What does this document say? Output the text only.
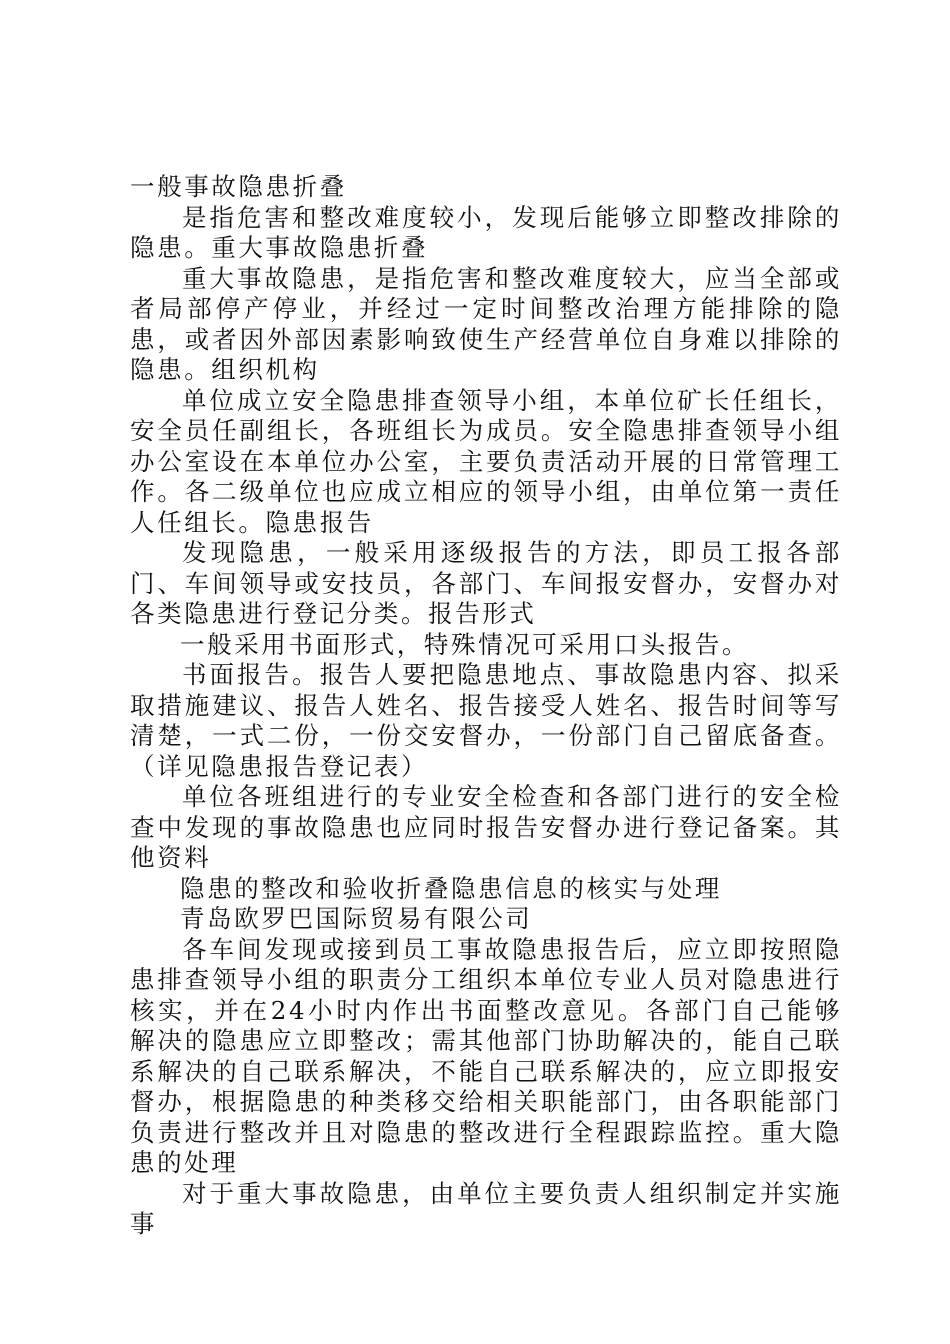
一般事故隐患折叠

是指危害和整改难度较小，发现后能够立即整改排除的隐患。重大事故隐患折叠

重大事故隐患，是指危害和整改难度较大，应当全部或者局部停产停业，并经过一定时间整改治理方能排除的隐患，或者因外部因素影响致使生产经营单位自身难以排除的隐患。组织机构

单位成立安全隐患排查领导小组，本单位矿长任组长，安全员任副组长，各班组长为成员。安全隐患排查领导小组办公室设在本单位办公室，主要负责活动开展的日常管理工作。各二级单位也应成立相应的领导小组，由单位第一责任人任组长。隐患报告

发现隐患，一般采用逐级报告的方法，即员工报各部门、车间领导或安技员，各部门、车间报安督办，安督办对各类隐患进行登记分类。报告形式

一般采用书面形式，特殊情况可采用口头报告。

书面报告。报告人要把隐患地点、事故隐患内容、拟采取措施建议、报告人姓名、报告接受人姓名、报告时间等写清楚，一式二份，一份交安督办，一份部门自己留底备查。（详见隐患报告登记表）

单位各班组进行的专业安全检查和各部门进行的安全检查中发现的事故隐患也应同时报告安督办进行登记备案。其他资料

隐患的整改和验收折叠隐患信息的核实与处理

青岛欧罗巴国际贸易有限公司

各车间发现或接到员工事故隐患报告后，应立即按照隐患排查领导小组的职责分工组织本单位专业人员对隐患进行核实，并在24小时内作出书面整改意见。各部门自己能够解决的隐患应立即整改；需其他部门协助解决的，能自己联系解决的自己联系解决，不能自己联系解决的，应立即报安督办，根据隐患的种类移交给相关职能部门，由各职能部门负责进行整改并且对隐患的整改进行全程跟踪监控。重大隐患的处理

对于重大事故隐患，由单位主要负责人组织制定并实施事
